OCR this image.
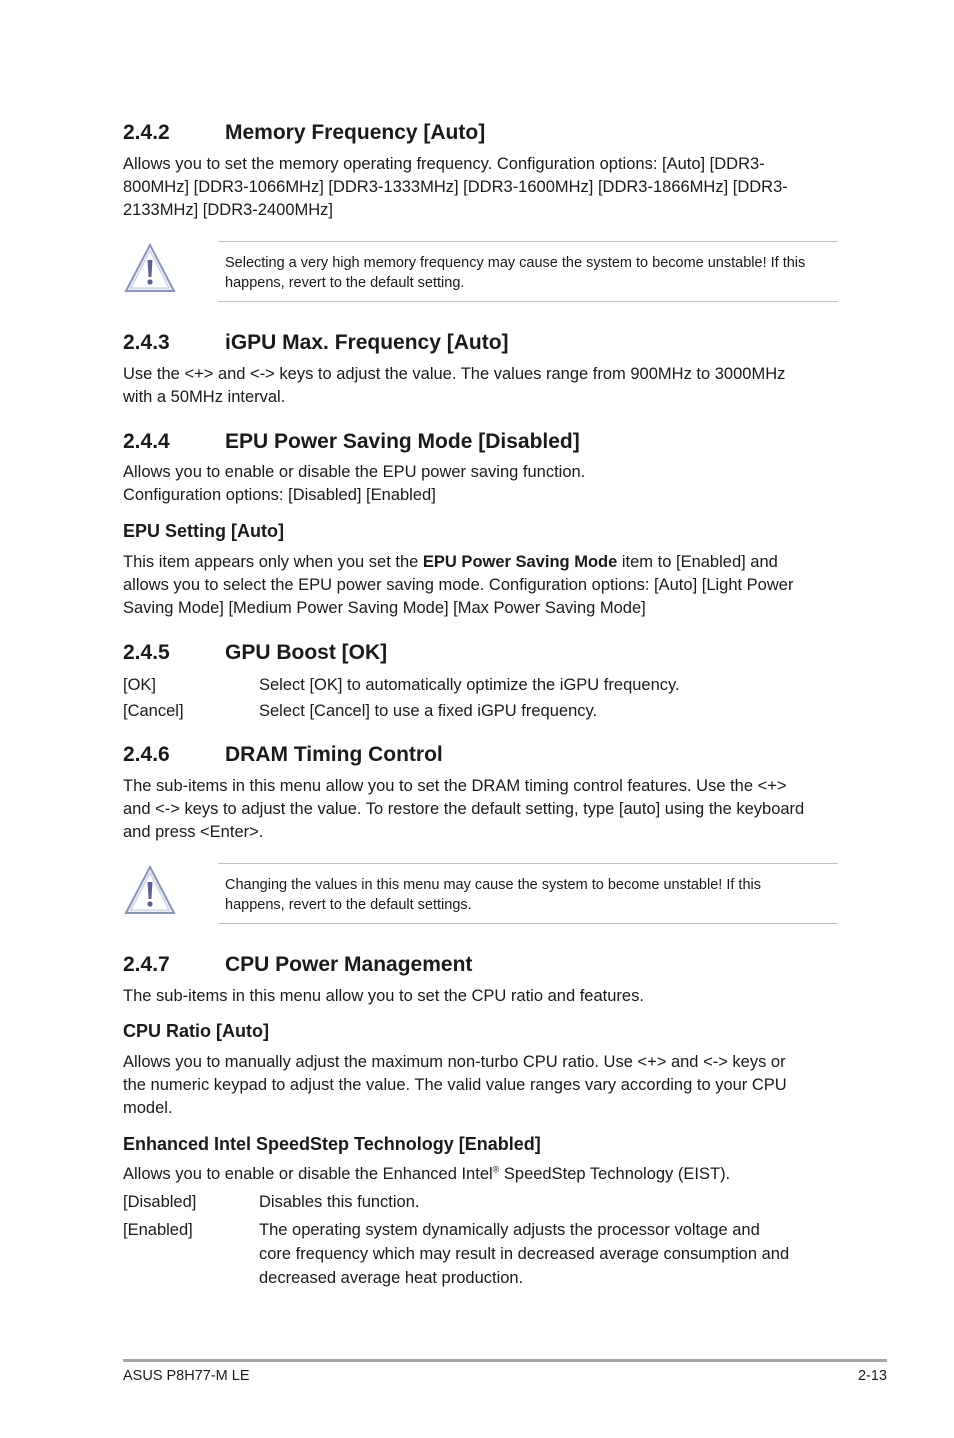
2.4.2	Memory Frequency [Auto]

Allows you to set the memory operating frequency. Configuration options: [Auto] [DDR3-
800MHz] [DDR3-1066MHz] [DDR3-1333MHz] [DDR3-1600MHz] [DDR3-1866MHz] [DDR3-
2133MHz] [DDR3-2400MHz]

Selecting a very high memory frequency may cause the system to become unstable! If this
happens, revert to the default setting.
2.4.3	iGPU Max. Frequency [Auto]

Use the <+> and <-> keys to adjust the value. The values range from 900MHz to 3000MHz
with a 50MHz interval.

2.4.4	EPU Power Saving Mode [Disabled]

Allows you to enable or disable the EPU power saving function.
Configuration options: [Disabled] [Enabled]

EPU Setting [Auto]

This item appears only when you set the EPU Power Saving Mode item to [Enabled] and
allows you to select the EPU power saving mode. Configuration options: [Auto] [Light Power
Saving Mode] [Medium Power Saving Mode] [Max Power Saving Mode]

2.4.5	GPU Boost [OK]
[OK]	Select [OK] to automatically optimize the iGPU frequency.
[Cancel]	Select [Cancel] to use a fixed iGPU frequency.
2.4.6	DRAM Timing Control

The sub-items in this menu allow you to set the DRAM timing control features. Use the <+>
and <-> keys to adjust the value. To restore the default setting, type [auto] using the keyboard
and press <Enter>.

Changing the values in this menu may cause the system to become unstable! If this
happens, revert to the default settings.
2.4.7	CPU Power Management

The sub-items in this menu allow you to set the CPU ratio and features.

CPU Ratio [Auto]

Allows you to manually adjust the maximum non-turbo CPU ratio. Use <+> and <-> keys or
the numeric keypad to adjust the value. The valid value ranges vary according to your CPU
model.

Enhanced Intel SpeedStep Technology [Enabled]

Allows you to enable or disable the Enhanced Intel® SpeedStep Technology (EIST).

[Disabled]	Disables this function.
[Enabled]	The operating system dynamically adjusts the processor voltage and
core frequency which may result in decreased average consumption and
decreased average heat production.
ASUS P8H77-M LE	2-13
